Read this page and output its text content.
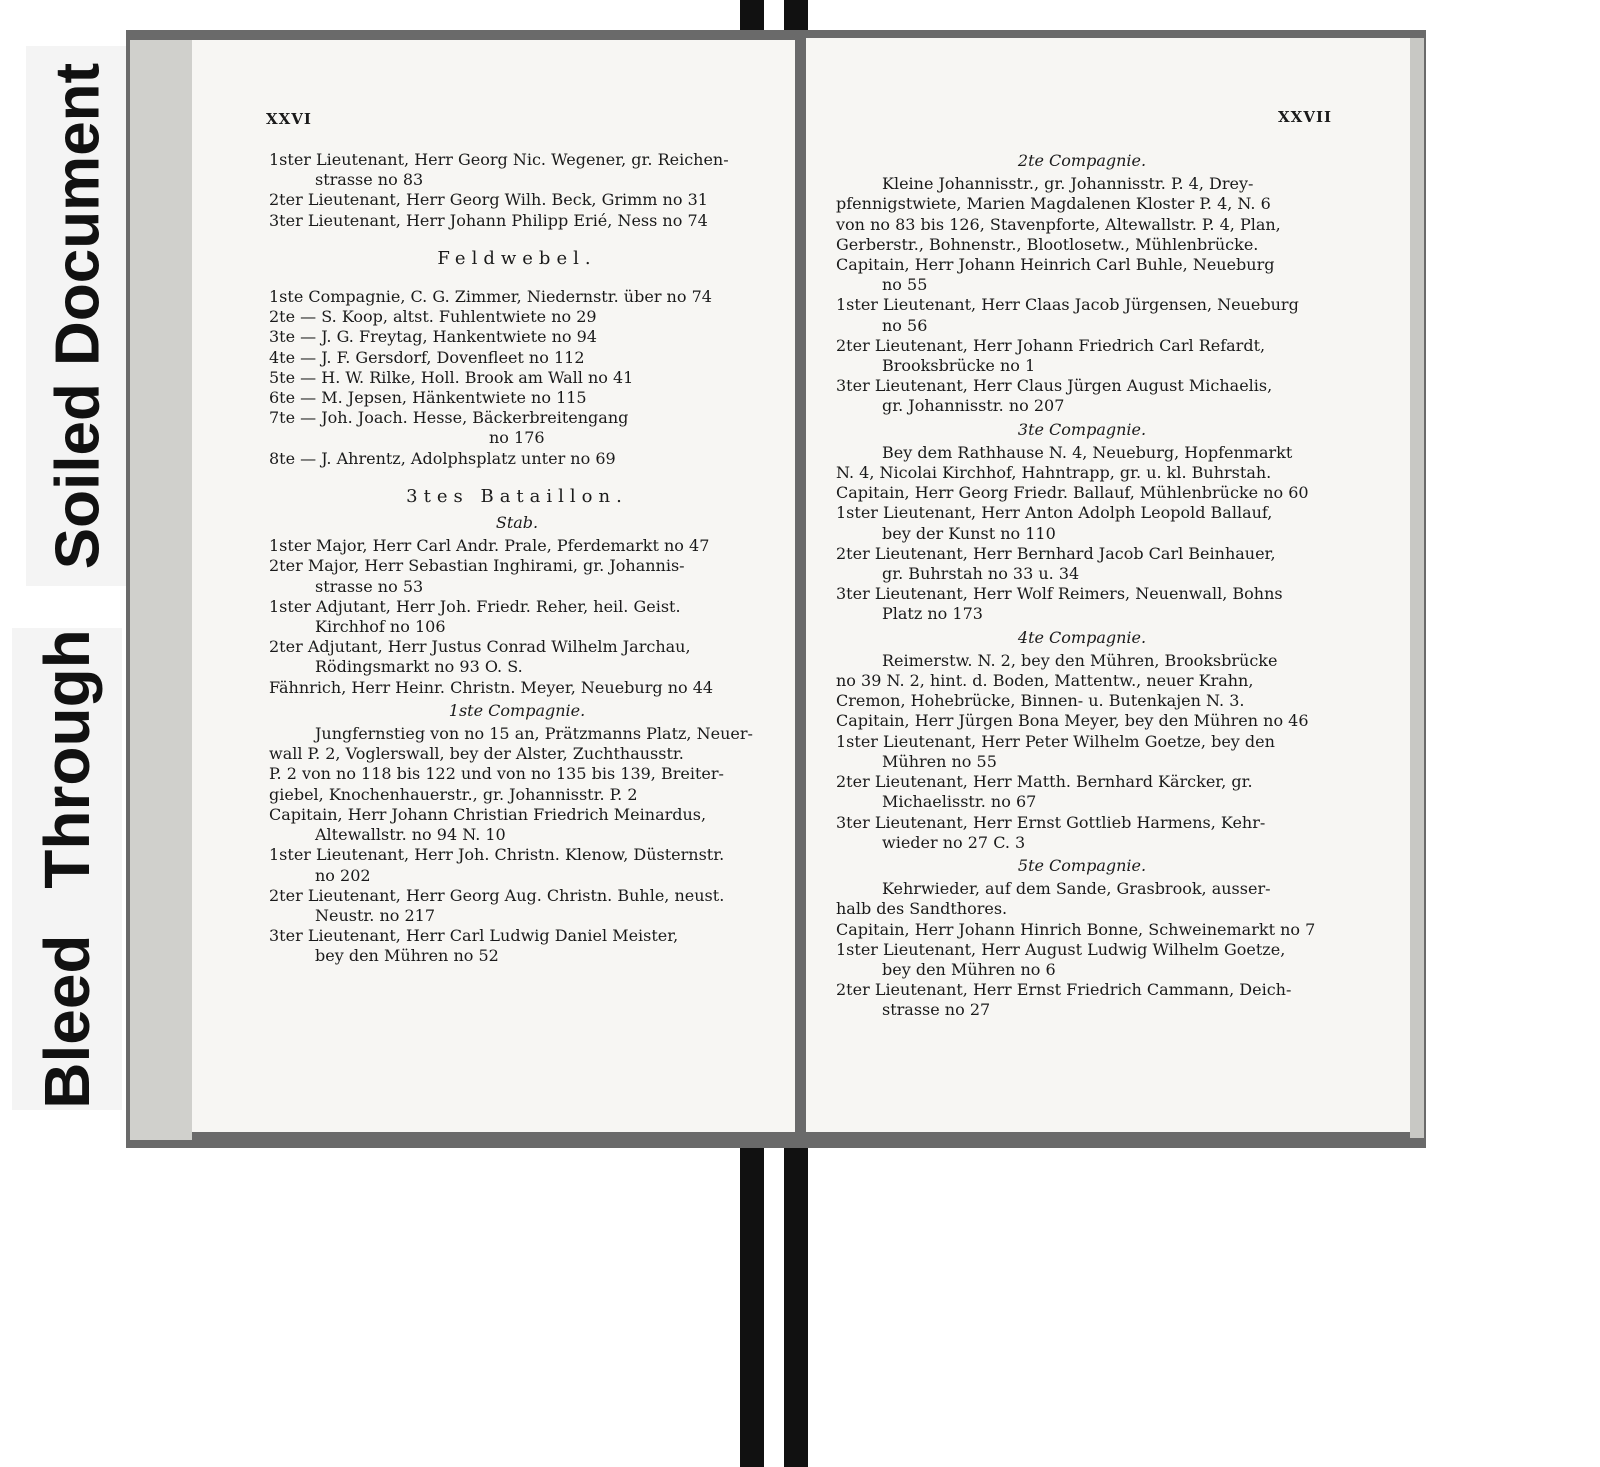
Soiled Document
Bleed Through
XXVI
1ster Lieutenant, Herr Georg Nic. Wegener, gr. Reichen-
strasse no 83
2ter Lieutenant, Herr Georg Wilh. Beck, Grimm no 31
3ter Lieutenant, Herr Johann Philipp Erié, Ness no 74
Feldwebel.
1ste Compagnie, C. G. Zimmer, Niedernstr. über no 74
2te — S. Koop, altst. Fuhlentwiete no 29
3te — J. G. Freytag, Hankentwiete no 94
4te — J. F. Gersdorf, Dovenfleet no 112
5te — H. W. Rilke, Holl. Brook am Wall no 41
6te — M. Jepsen, Hänkentwiete no 115
7te — Joh. Joach. Hesse, Bäckerbreitengang
no 176
8te — J. Ahrentz, Adolphsplatz unter no 69
3tes Bataillon.
Stab.
1ster Major, Herr Carl Andr. Prale, Pferdemarkt no 47
2ter Major, Herr Sebastian Inghirami, gr. Johannis-
strasse no 53
1ster Adjutant, Herr Joh. Friedr. Reher, heil. Geist.
Kirchhof no 106
2ter Adjutant, Herr Justus Conrad Wilhelm Jarchau,
Rödingsmarkt no 93 O. S.
Fähnrich, Herr Heinr. Christn. Meyer, Neueburg no 44
1ste Compagnie.
Jungfernstieg von no 15 an, Prätzmanns Platz, Neuer-
wall P. 2, Voglerswall, bey der Alster, Zuchthausstr.
P. 2 von no 118 bis 122 und von no 135 bis 139, Breiter-
giebel, Knochenhauerstr., gr. Johannisstr. P. 2
Capitain, Herr Johann Christian Friedrich Meinardus,
Altewallstr. no 94 N. 10
1ster Lieutenant, Herr Joh. Christn. Klenow, Düsternstr.
no 202
2ter Lieutenant, Herr Georg Aug. Christn. Buhle, neust.
Neustr. no 217
3ter Lieutenant, Herr Carl Ludwig Daniel Meister,
bey den Mühren no 52
XXVII
2te Compagnie.
Kleine Johannisstr., gr. Johannisstr. P. 4, Drey-
pfennigstwiete, Marien Magdalenen Kloster P. 4, N. 6
von no 83 bis 126, Stavenpforte, Altewallstr. P. 4, Plan,
Gerberstr., Bohnenstr., Blootlosetw., Mühlenbrücke.
Capitain, Herr Johann Heinrich Carl Buhle, Neueburg
no 55
1ster Lieutenant, Herr Claas Jacob Jürgensen, Neueburg
no 56
2ter Lieutenant, Herr Johann Friedrich Carl Refardt,
Brooksbrücke no 1
3ter Lieutenant, Herr Claus Jürgen August Michaelis,
gr. Johannisstr. no 207
3te Compagnie.
Bey dem Rathhause N. 4, Neueburg, Hopfenmarkt
N. 4, Nicolai Kirchhof, Hahntrapp, gr. u. kl. Buhrstah.
Capitain, Herr Georg Friedr. Ballauf, Mühlenbrücke no 60
1ster Lieutenant, Herr Anton Adolph Leopold Ballauf,
bey der Kunst no 110
2ter Lieutenant, Herr Bernhard Jacob Carl Beinhauer,
gr. Buhrstah no 33 u. 34
3ter Lieutenant, Herr Wolf Reimers, Neuenwall, Bohns
Platz no 173
4te Compagnie.
Reimerstw. N. 2, bey den Mühren, Brooksbrücke
no 39 N. 2, hint. d. Boden, Mattentw., neuer Krahn,
Cremon, Hohebrücke, Binnen- u. Butenkajen N. 3.
Capitain, Herr Jürgen Bona Meyer, bey den Mühren no 46
1ster Lieutenant, Herr Peter Wilhelm Goetze, bey den
Mühren no 55
2ter Lieutenant, Herr Matth. Bernhard Kärcker, gr.
Michaelisstr. no 67
3ter Lieutenant, Herr Ernst Gottlieb Harmens, Kehr-
wieder no 27 C. 3
5te Compagnie.
Kehrwieder, auf dem Sande, Grasbrook, ausser-
halb des Sandthores.
Capitain, Herr Johann Hinrich Bonne, Schweinemarkt no 7
1ster Lieutenant, Herr August Ludwig Wilhelm Goetze,
bey den Mühren no 6
2ter Lieutenant, Herr Ernst Friedrich Cammann, Deich-
strasse no 27
